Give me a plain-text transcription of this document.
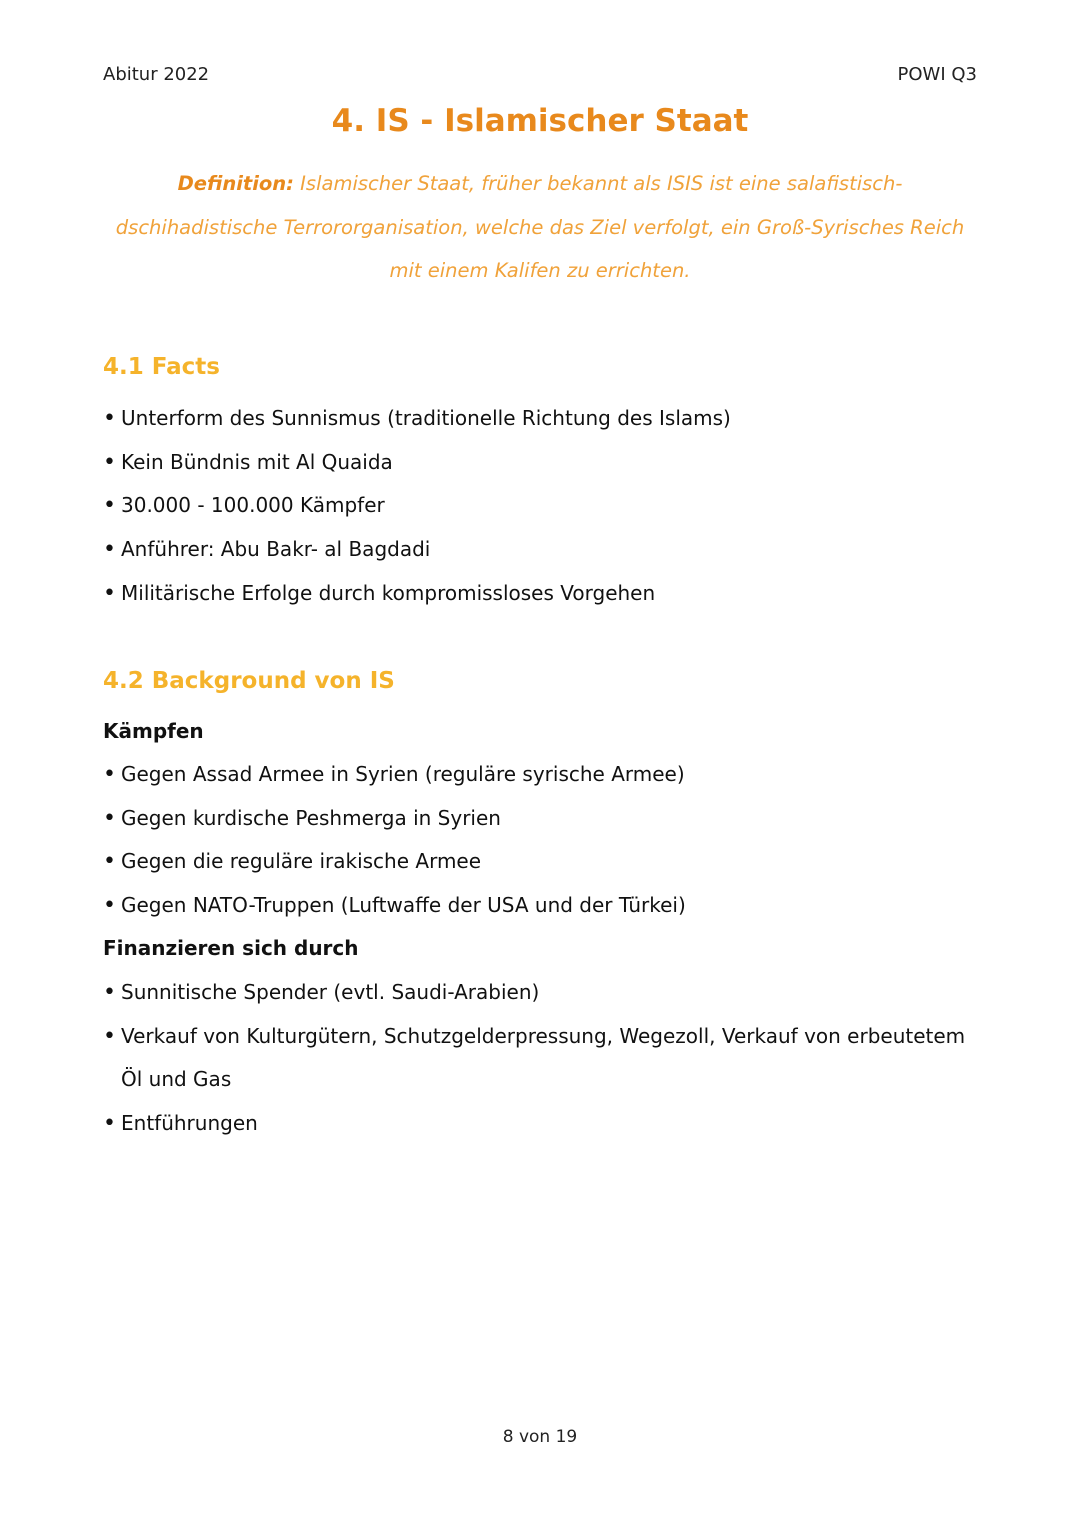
Abitur 2022	POWI Q3
4. IS - Islamischer Staat
Definition: Islamischer Staat, früher bekannt als ISIS ist eine salafistisch-dschihadistische Terrororganisation, welche das Ziel verfolgt, ein Groß-Syrisches Reich mit einem Kalifen zu errichten.
4.1 Facts
• Unterform des Sunnismus (traditionelle Richtung des Islams)
• Kein Bündnis mit Al Quaida
• 30.000 - 100.000 Kämpfer
• Anführer: Abu Bakr- al Bagdadi
• Militärische Erfolge durch kompromissloses Vorgehen
4.2 Background von IS
Kämpfen
• Gegen Assad Armee in Syrien (reguläre syrische Armee)
• Gegen kurdische Peshmerga in Syrien
• Gegen die reguläre irakische Armee
• Gegen NATO-Truppen (Luftwaffe der USA und der Türkei)
Finanzieren sich durch
• Sunnitische Spender (evtl. Saudi-Arabien)
• Verkauf von Kulturgütern, Schutzgelderpressung, Wegezoll, Verkauf von erbeutetem Öl und Gas
• Entführungen
8 von 19
